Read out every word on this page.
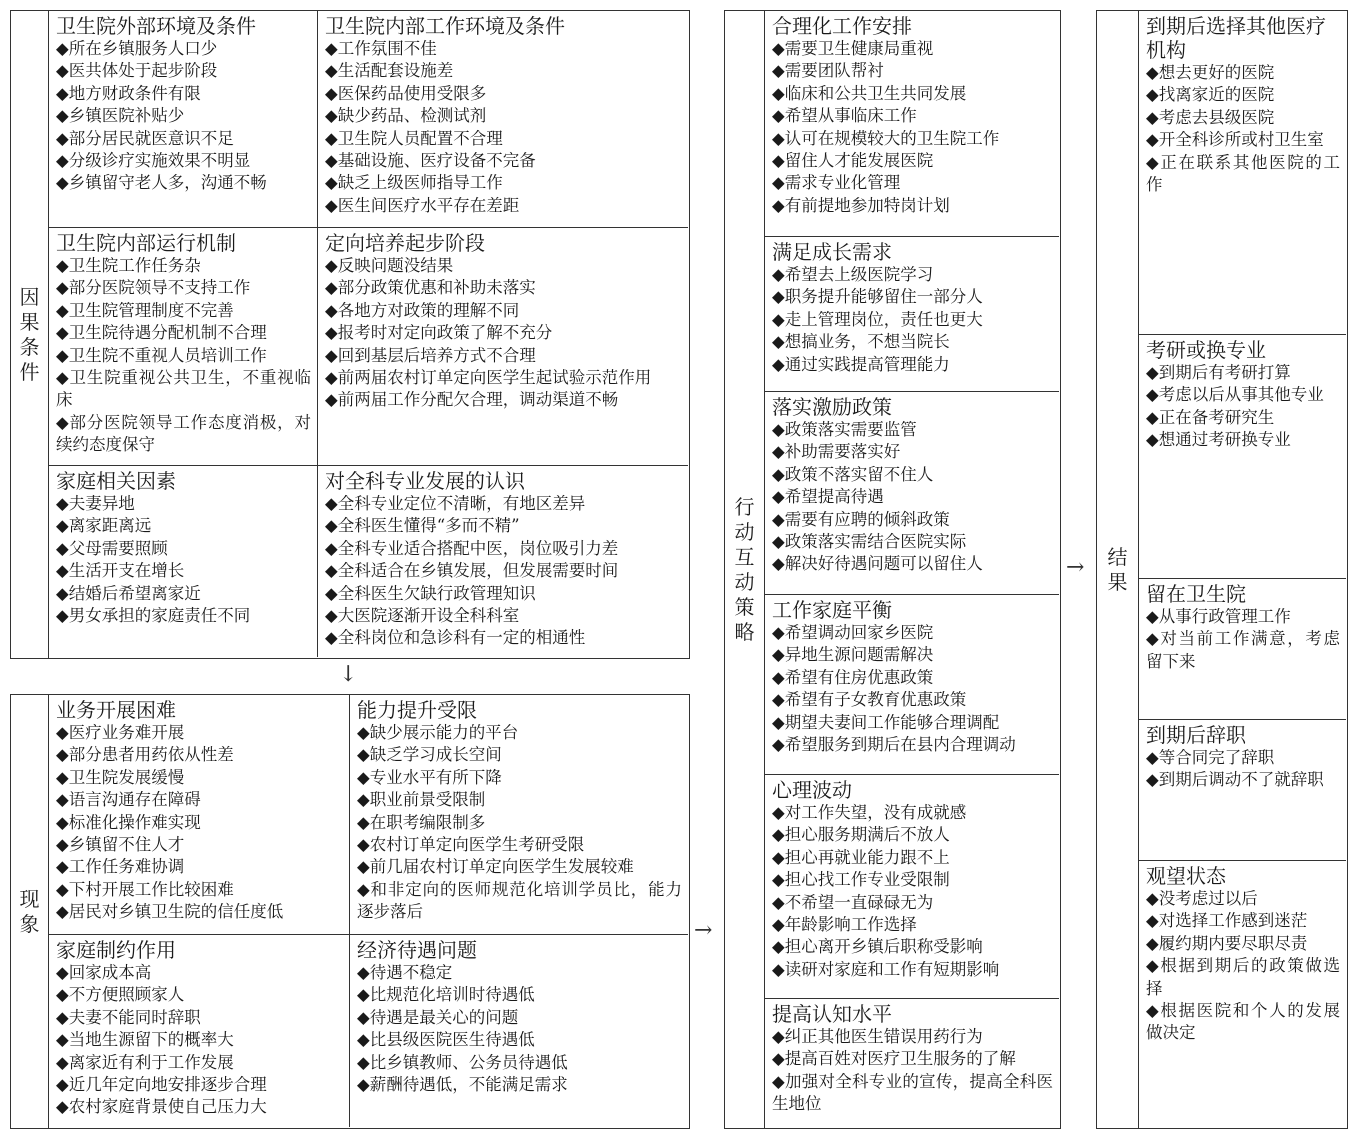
因果条件
卫生院外部环境及条件
◆ 所在乡镇服务人口少
◆ 医共体处于起步阶段
◆ 地方财政条件有限
◆ 乡镇医院补贴少
◆ 部分居民就医意识不足
◆ 分级诊疗实施效果不明显
◆ 乡镇留守老人多，沟通不畅
卫生院内部工作环境及条件
◆ 工作氛围不佳
◆ 生活配套设施差
◆ 医保药品使用受限多
◆ 缺少药品、检测试剂
◆ 卫生院人员配置不合理
◆ 基础设施、医疗设备不完备
◆ 缺乏上级医师指导工作
◆ 医生间医疗水平存在差距
卫生院内部运行机制
◆ 卫生院工作任务杂
◆ 部分医院领导不支持工作
◆ 卫生院管理制度不完善
◆ 卫生院待遇分配机制不合理
◆ 卫生院不重视人员培训工作
◆ 卫生院重视公共卫生，不重视临床
◆ 部分医院领导工作态度消极，对续约态度保守
定向培养起步阶段
◆ 反映问题没结果
◆ 部分政策优惠和补助未落实
◆ 各地方对政策的理解不同
◆ 报考时对定向政策了解不充分
◆ 回到基层后培养方式不合理
◆ 前两届农村订单定向医学生起试验示范作用
◆ 前两届工作分配欠合理，调动渠道不畅
家庭相关因素
◆ 夫妻异地
◆ 离家距离远
◆ 父母需要照顾
◆ 生活开支在增长
◆ 结婚后希望离家近
◆ 男女承担的家庭责任不同
对全科专业发展的认识
◆ 全科专业定位不清晰，有地区差异
◆ 全科医生懂得“多而不精”
◆ 全科专业适合搭配中医，岗位吸引力差
◆ 全科适合在乡镇发展，但发展需要时间
◆ 全科医生欠缺行政管理知识
◆ 大医院逐渐开设全科科室
◆ 全科岗位和急诊科有一定的相通性
↓
现象
业务开展困难
◆ 医疗业务难开展
◆ 部分患者用药依从性差
◆ 卫生院发展缓慢
◆ 语言沟通存在障碍
◆ 标准化操作难实现
◆ 乡镇留不住人才
◆ 工作任务难协调
◆ 下村开展工作比较困难
◆ 居民对乡镇卫生院的信任度低
能力提升受限
◆ 缺少展示能力的平台
◆ 缺乏学习成长空间
◆ 专业水平有所下降
◆ 职业前景受限制
◆ 在职考编限制多
◆ 农村订单定向医学生考研受限
◆ 前几届农村订单定向医学生发展较难
◆ 和非定向的医师规范化培训学员比，能力逐步落后
家庭制约作用
◆ 回家成本高
◆ 不方便照顾家人
◆ 夫妻不能同时辞职
◆ 当地生源留下的概率大
◆ 离家近有利于工作发展
◆ 近几年定向地安排逐步合理
◆ 农村家庭背景使自己压力大
经济待遇问题
◆ 待遇不稳定
◆ 比规范化培训时待遇低
◆ 待遇是最关心的问题
◆ 比县级医院医生待遇低
◆ 比乡镇教师、公务员待遇低
◆ 薪酬待遇低，不能满足需求
→
行动互动策略
合理化工作安排
◆ 需要卫生健康局重视
◆ 需要团队帮衬
◆ 临床和公共卫生共同发展
◆ 希望从事临床工作
◆ 认可在规模较大的卫生院工作
◆ 留住人才能发展医院
◆ 需求专业化管理
◆ 有前提地参加特岗计划
满足成长需求
◆ 希望去上级医院学习
◆ 职务提升能够留住一部分人
◆ 走上管理岗位，责任也更大
◆ 想搞业务，不想当院长
◆ 通过实践提高管理能力
落实激励政策
◆ 政策落实需要监管
◆ 补助需要落实好
◆ 政策不落实留不住人
◆ 希望提高待遇
◆ 需要有应聘的倾斜政策
◆ 政策落实需结合医院实际
◆ 解决好待遇问题可以留住人
工作家庭平衡
◆ 希望调动回家乡医院
◆ 异地生源问题需解决
◆ 希望有住房优惠政策
◆ 希望有子女教育优惠政策
◆ 期望夫妻间工作能够合理调配
◆ 希望服务到期后在县内合理调动
心理波动
◆ 对工作失望，没有成就感
◆ 担心服务期满后不放人
◆ 担心再就业能力跟不上
◆ 担心找工作专业受限制
◆ 不希望一直碌碌无为
◆ 年龄影响工作选择
◆ 担心离开乡镇后职称受影响
◆ 读研对家庭和工作有短期影响
提高认知水平
◆ 纠正其他医生错误用药行为
◆ 提高百姓对医疗卫生服务的了解
◆ 加强对全科专业的宣传，提高全科医生地位
→ 结果
到期后选择其他医疗机构
◆ 想去更好的医院
◆ 找离家近的医院
◆ 考虑去县级医院
◆ 开全科诊所或村卫生室
◆ 正在联系其他医院的工作
考研或换专业
◆ 到期后有考研打算
◆ 考虑以后从事其他专业
◆ 正在备考研究生
◆ 想通过考研换专业
留在卫生院
◆ 从事行政管理工作
◆ 对当前工作满意，考虑留下来
到期后辞职
◆ 等合同完了辞职
◆ 到期后调动不了就辞职
观望状态
◆ 没考虑过以后
◆ 对选择工作感到迷茫
◆ 履约期内要尽职尽责
◆ 根据到期后的政策做选择
◆ 根据医院和个人的发展做决定
